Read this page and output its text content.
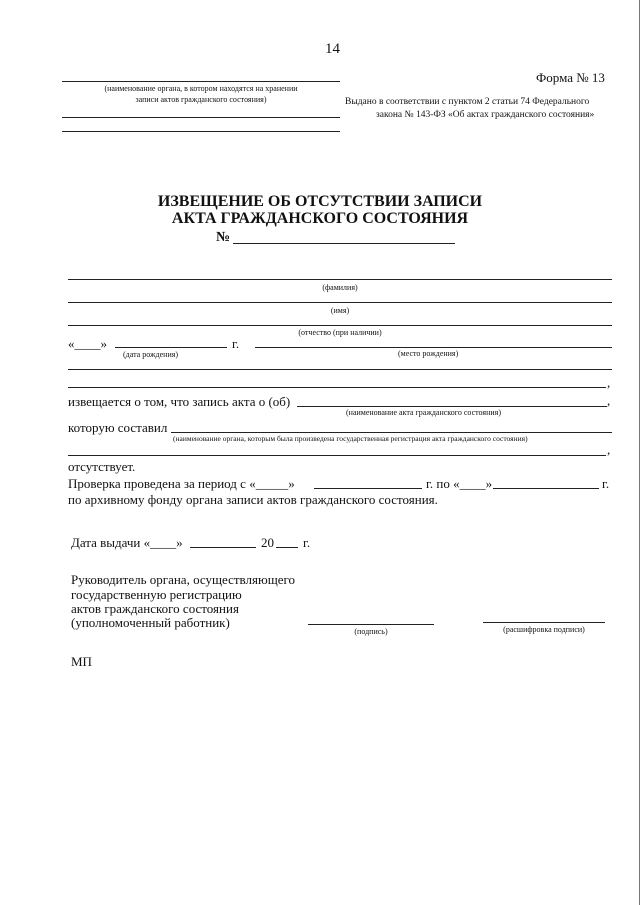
14
(наименование органа, в котором находятся на хранении
записи актов гражданского состояния)
Форма № 13
Выдано в соответствии с пунктом 2 статьи 74 Федерального
закона № 143-ФЗ «Об актах гражданского состояния»
ИЗВЕЩЕНИЕ ОБ ОТСУТСТВИИ ЗАПИСИ
АКТА ГРАЖДАНСКОГО СОСТОЯНИЯ
№
(фамилия)
(имя)
(отчество (при наличии)
«____»	г.
(дата рождения)	(место рождения)
,
извещается о том, что запись акта о (об)	,
(наименование акта гражданского состояния)
которую составил
(наименование органа, которым была произведена государственная регистрация акта гражданского состояния)
,
отсутствует.
Проверка проведена за период с «_____»	г. по «____»	г.
по архивному фонду органа записи актов гражданского состояния.
Дата выдачи «____»	20 г.
Руководитель органа, осуществляющего
государственную регистрацию
актов гражданского состояния
(уполномоченный работник)
(подпись)	(расшифровка подписи)
МП
